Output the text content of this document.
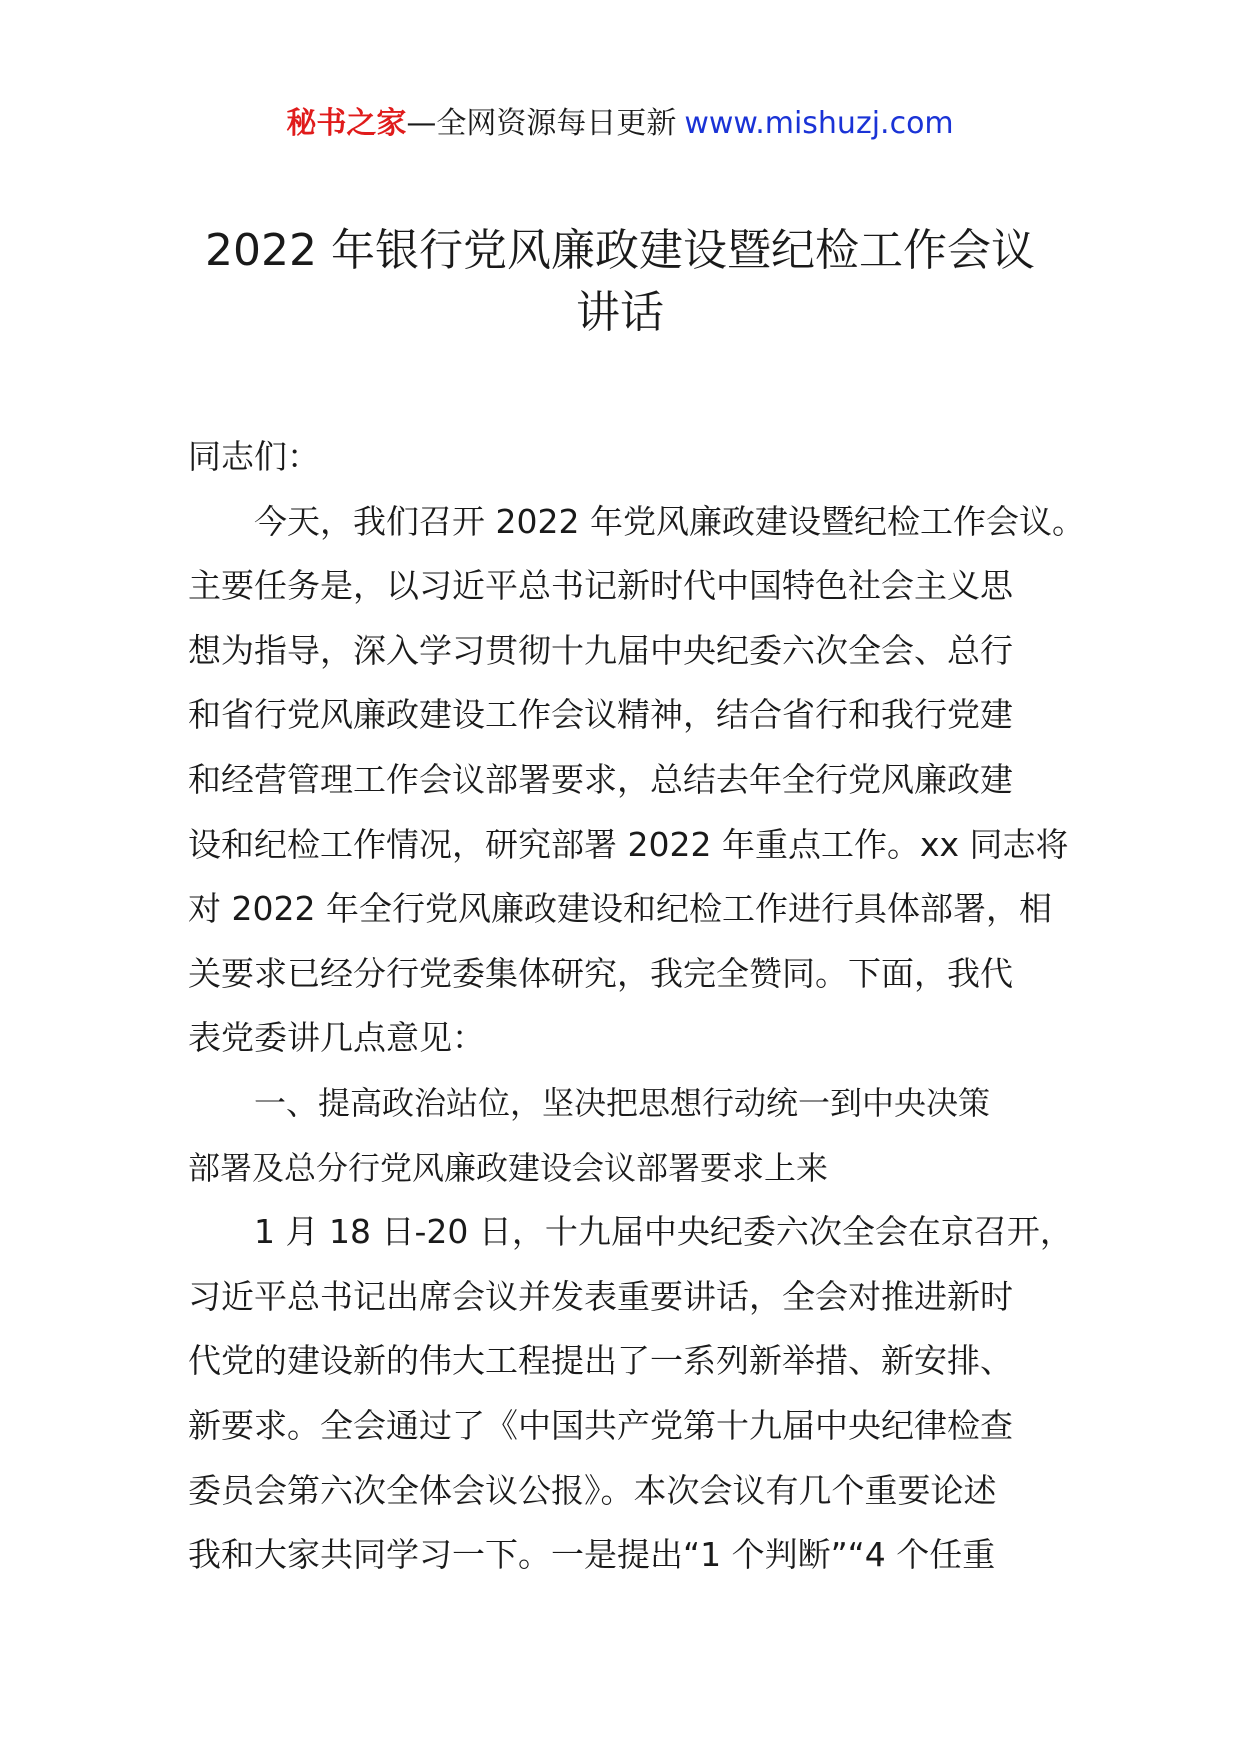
秘书之家—全网资源每日更新 www.mishuzj.com
2022 年银行党风廉政建设暨纪检工作会议
讲话
同志们：
今天，我们召开 2022 年党风廉政建设暨纪检工作会议。
主要任务是，以习近平总书记新时代中国特色社会主义思
想为指导，深入学习贯彻十九届中央纪委六次全会、总行
和省行党风廉政建设工作会议精神，结合省行和我行党建
和经营管理工作会议部署要求，总结去年全行党风廉政建
设和纪检工作情况，研究部署 2022 年重点工作。xx 同志将
对 2022 年全行党风廉政建设和纪检工作进行具体部署，相
关要求已经分行党委集体研究，我完全赞同。下面，我代
表党委讲几点意见：
一、提高政治站位，坚决把思想行动统一到中央决策
部署及总分行党风廉政建设会议部署要求上来
1 月 18 日-20 日，十九届中央纪委六次全会在京召开，
习近平总书记出席会议并发表重要讲话，全会对推进新时
代党的建设新的伟大工程提出了一系列新举措、新安排、
新要求。全会通过了《中国共产党第十九届中央纪律检查
委员会第六次全体会议公报》。本次会议有几个重要论述
我和大家共同学习一下。一是提出“1 个判断”“4 个任重
